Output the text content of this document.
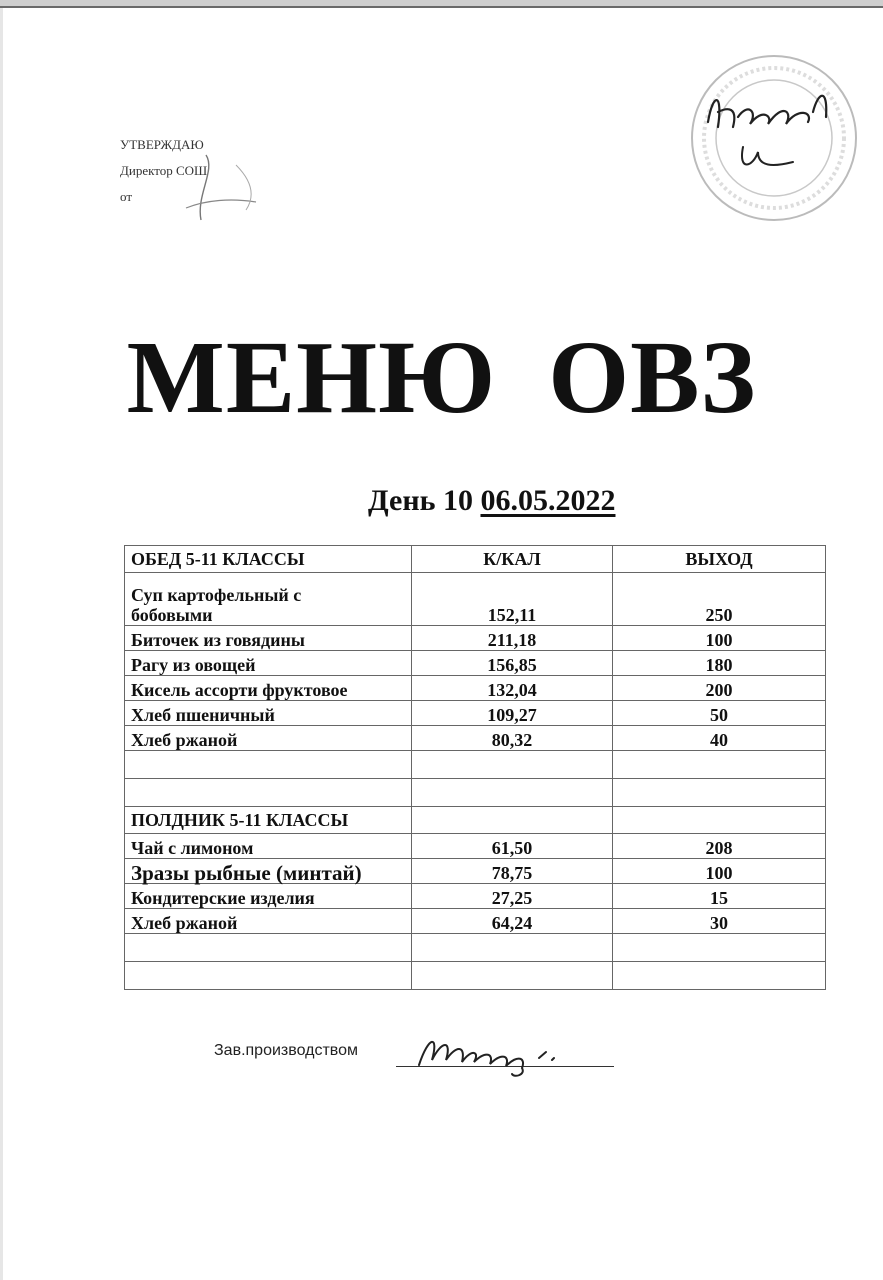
УТВЕРЖДАЮ
Директор СОШ
от
МЕНЮ ОВЗ
День 10 06.05.2022
ОБЕД 5-11 КЛАССЫ	К/КАЛ	ВЫХОД
Суп картофельный с
бобовыми	152,11	250
Биточек из говядины	211,18	100
Рагу из овощей	156,85	180
Кисель ассорти фруктовое	132,04	200
Хлеб пшеничный	109,27	50
Хлеб ржаной	80,32	40

ПОЛДНИК 5-11 КЛАССЫ		
Чай с лимоном	61,50	208
Зразы рыбные (минтай)	78,75	100
Кондитерские изделия	27,25	15
Хлеб ржаной	64,24	30

Зав.производством
